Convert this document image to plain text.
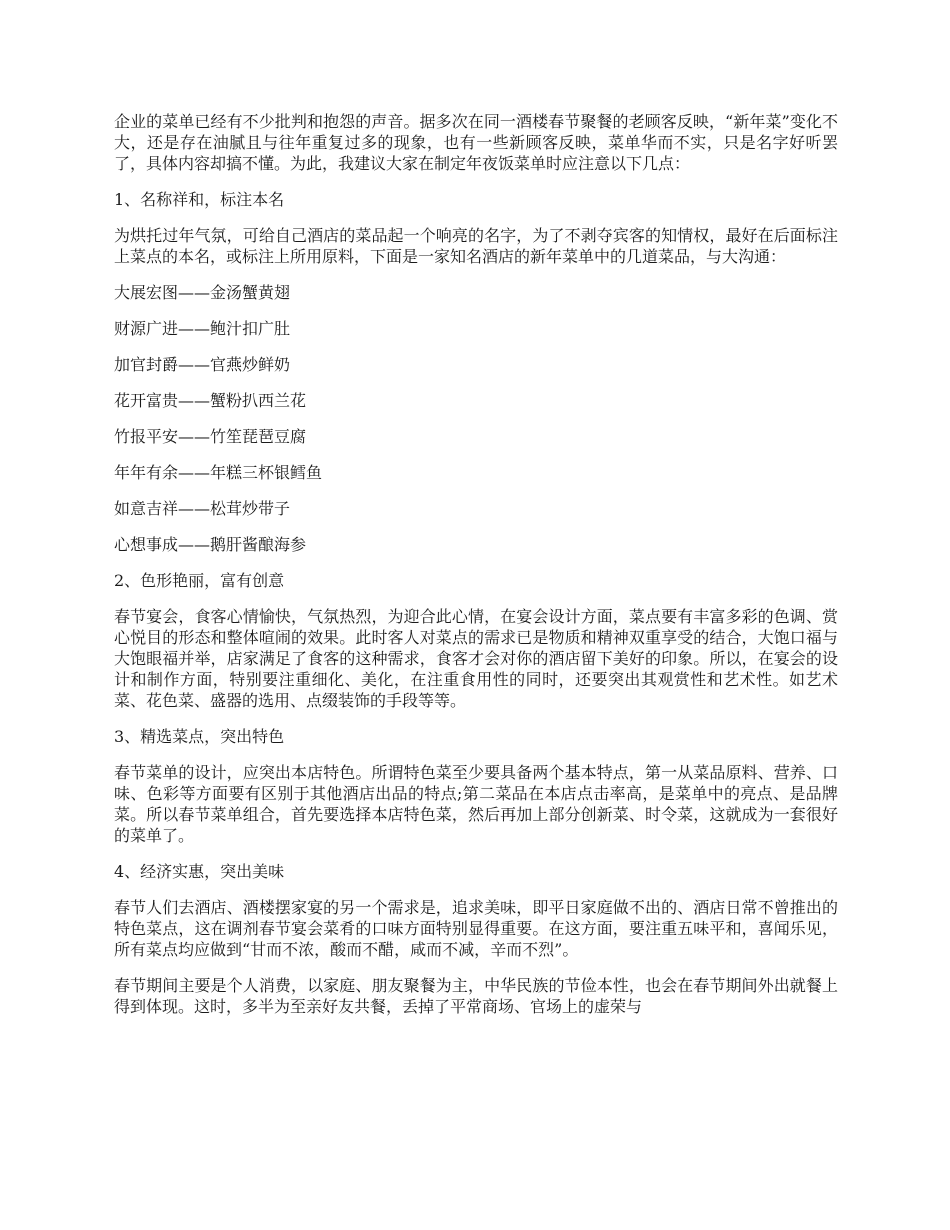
企业的菜单已经有不少批判和抱怨的声音。据多次在同一酒楼春节聚餐的老顾客反映，“新年菜”变化不大，还是存在油腻且与往年重复过多的现象，也有一些新顾客反映，菜单华而不实，只是名字好听罢了，具体内容却搞不懂。为此，我建议大家在制定年夜饭菜单时应注意以下几点：

1、名称祥和，标注本名

为烘托过年气氛，可给自己酒店的菜品起一个响亮的名字，为了不剥夺宾客的知情权，最好在后面标注上菜点的本名，或标注上所用原料，下面是一家知名酒店的新年菜单中的几道菜品，与大沟通：

大展宏图——金汤蟹黄翅

财源广进——鲍汁扣广肚

加官封爵——官燕炒鲜奶

花开富贵——蟹粉扒西兰花

竹报平安——竹笙琵琶豆腐

年年有余——年糕三杯银鳕鱼

如意吉祥——松茸炒带子

心想事成——鹅肝酱酿海参

2、色形艳丽，富有创意

春节宴会，食客心情愉快，气氛热烈，为迎合此心情，在宴会设计方面，菜点要有丰富多彩的色调、赏心悦目的形态和整体喧闹的效果。此时客人对菜点的需求已是物质和精神双重享受的结合，大饱口福与大饱眼福并举，店家满足了食客的这种需求，食客才会对你的酒店留下美好的印象。所以，在宴会的设计和制作方面，特别要注重细化、美化，在注重食用性的同时，还要突出其观赏性和艺术性。如艺术菜、花色菜、盛器的选用、点缀装饰的手段等等。

3、精选菜点，突出特色

春节菜单的设计，应突出本店特色。所谓特色菜至少要具备两个基本特点，第一从菜品原料、营养、口味、色彩等方面要有区别于其他酒店出品的特点;第二菜品在本店点击率高，是菜单中的亮点、是品牌菜。所以春节菜单组合，首先要选择本店特色菜，然后再加上部分创新菜、时令菜，这就成为一套很好的菜单了。

4、经济实惠，突出美味

春节人们去酒店、酒楼摆家宴的另一个需求是，追求美味，即平日家庭做不出的、酒店日常不曾推出的特色菜点，这在调剂春节宴会菜肴的口味方面特别显得重要。在这方面，要注重五味平和，喜闻乐见，所有菜点均应做到“甘而不浓，酸而不醋，咸而不减，辛而不烈”。

春节期间主要是个人消费，以家庭、朋友聚餐为主，中华民族的节俭本性，也会在春节期间外出就餐上得到体现。这时，多半为至亲好友共餐，丢掉了平常商场、官场上的虚荣与
